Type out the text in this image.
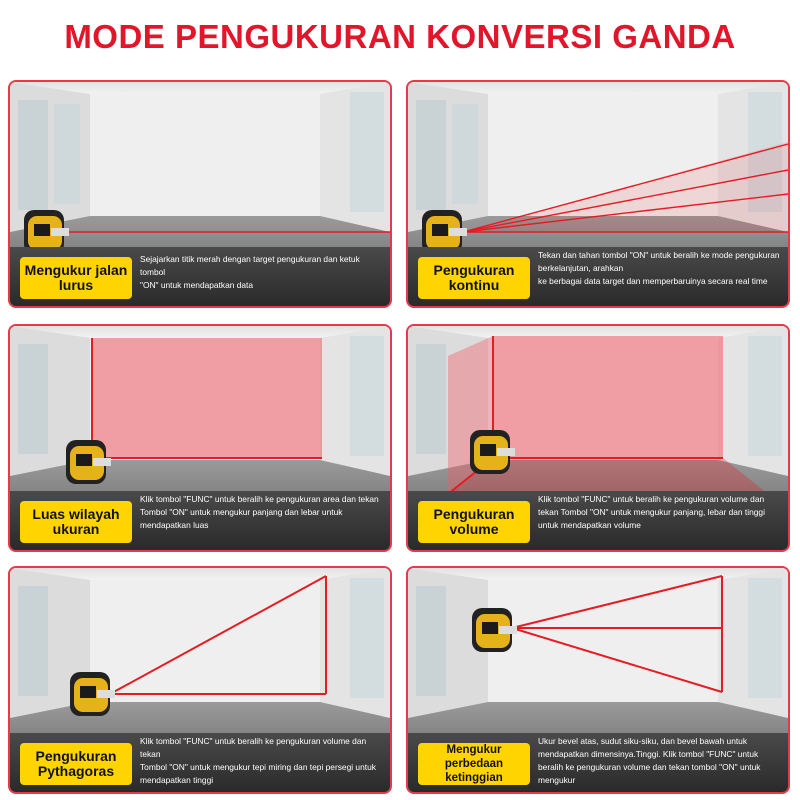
MODE PENGUKURAN KONVERSI GANDA
Mengukur jalan
lurus
Sejajarkan titik merah dengan target pengukuran dan ketuk tombol
"ON" untuk mendapatkan data
Pengukuran
kontinu
Tekan dan tahan tombol "ON" untuk beralih ke mode pengukuran
berkelanjutan, arahkan
ke berbagai data target dan memperbaruinya secara real time
Luas wilayah
ukuran
Klik tombol "FUNC" untuk beralih ke pengukuran area dan tekan
Tombol "ON" untuk mengukur panjang dan lebar untuk
mendapatkan luas
Pengukuran
volume
Klik tombol "FUNC" untuk beralih ke pengukuran volume dan
tekan Tombol "ON" untuk mengukur panjang, lebar dan tinggi
untuk mendapatkan volume
Pengukuran
Pythagoras
Klik tombol "FUNC" untuk beralih ke pengukuran volume dan tekan
Tombol "ON" untuk mengukur tepi miring dan tepi persegi untuk
mendapatkan tinggi
Mengukur perbedaan
ketinggian
Ukur bevel atas, sudut siku-siku, dan bevel bawah untuk
mendapatkan dimensinya.Tinggi. Klik tombol "FUNC" untuk
beralih ke pengukuran volume dan tekan tombol "ON" untuk
mengukur
